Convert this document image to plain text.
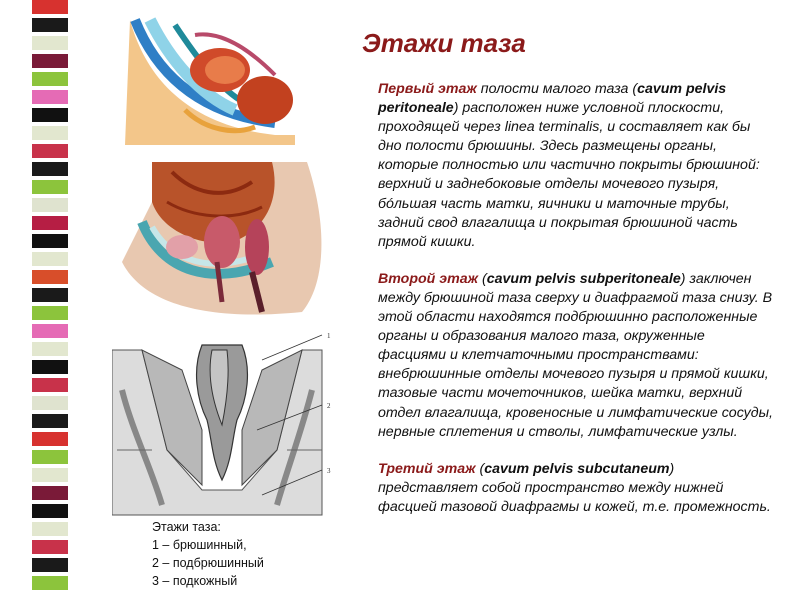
Этажи таза

Первый этаж полости малого таза (cavum pelvis peritoneale) расположен ниже условной плоскости, проходящей через linea terminalis, и составляет как бы дно полости брюшины. Здесь размещены органы, которые полностью или частично покрыты брюшиной: верхний и заднебоковые отделы мочевого пузыря, бóльшая часть матки, яичники и маточные трубы, задний свод влагалища и покрытая брюшиной часть прямой кишки.

Второй этаж (cavum pelvis subperitoneale) заключен между брюшиной таза сверху и диафрагмой таза снизу. В этой области находятся подбрюшинно расположенные органы и образования малого таза, окруженные фасциями и клетчаточными пространствами: внебрюшинные отделы мочевого пузыря и прямой кишки, тазовые части мочеточников, шейка матки, верхний отдел влагалища, кровеносные и лимфатические сосуды, нервные сплетения и стволы, лимфатические узлы.

Третий этаж (cavum pelvis subcutaneum) представляет собой пространство между нижней фасцией тазовой диафрагмы и кожей, т.е. промежность.

1
2
3
Этажи таза:
1 – брюшинный,
2 – подбрюшинный
3 – подкожный
